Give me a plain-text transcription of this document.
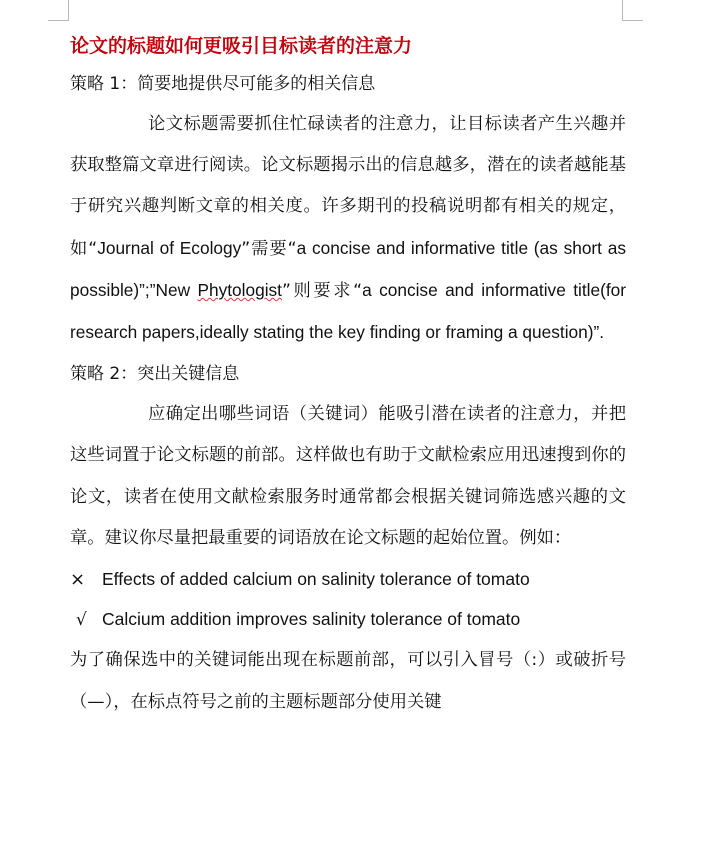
论文的标题如何更吸引目标读者的注意力
策略 1：简要地提供尽可能多的相关信息
论文标题需要抓住忙碌读者的注意力，让目标读者产生兴趣并获取整篇文章进行阅读。论文标题揭示出的信息越多，潜在的读者越能基于研究兴趣判断文章的相关度。许多期刊的投稿说明都有相关的规定，如“Journal of Ecology”需要“a concise and informative title (as short as possible)”;”New Phytologist”则要求“a concise and informative title(for research papers,ideally stating the key finding or framing a question)”.
策略 2：突出关键信息
应确定出哪些词语（关键词）能吸引潜在读者的注意力，并把这些词置于论文标题的前部。这样做也有助于文献检索应用迅速搜到你的论文，读者在使用文献检索服务时通常都会根据关键词筛选感兴趣的文章。建议你尽量把最重要的词语放在论文标题的起始位置。例如：
× Effects of added calcium on salinity tolerance of tomato
√ Calcium addition improves salinity tolerance of tomato
为了确保选中的关键词能出现在标题前部，可以引入冒号（:）或破折号（—），在标点符号之前的主题标题部分使用关键
